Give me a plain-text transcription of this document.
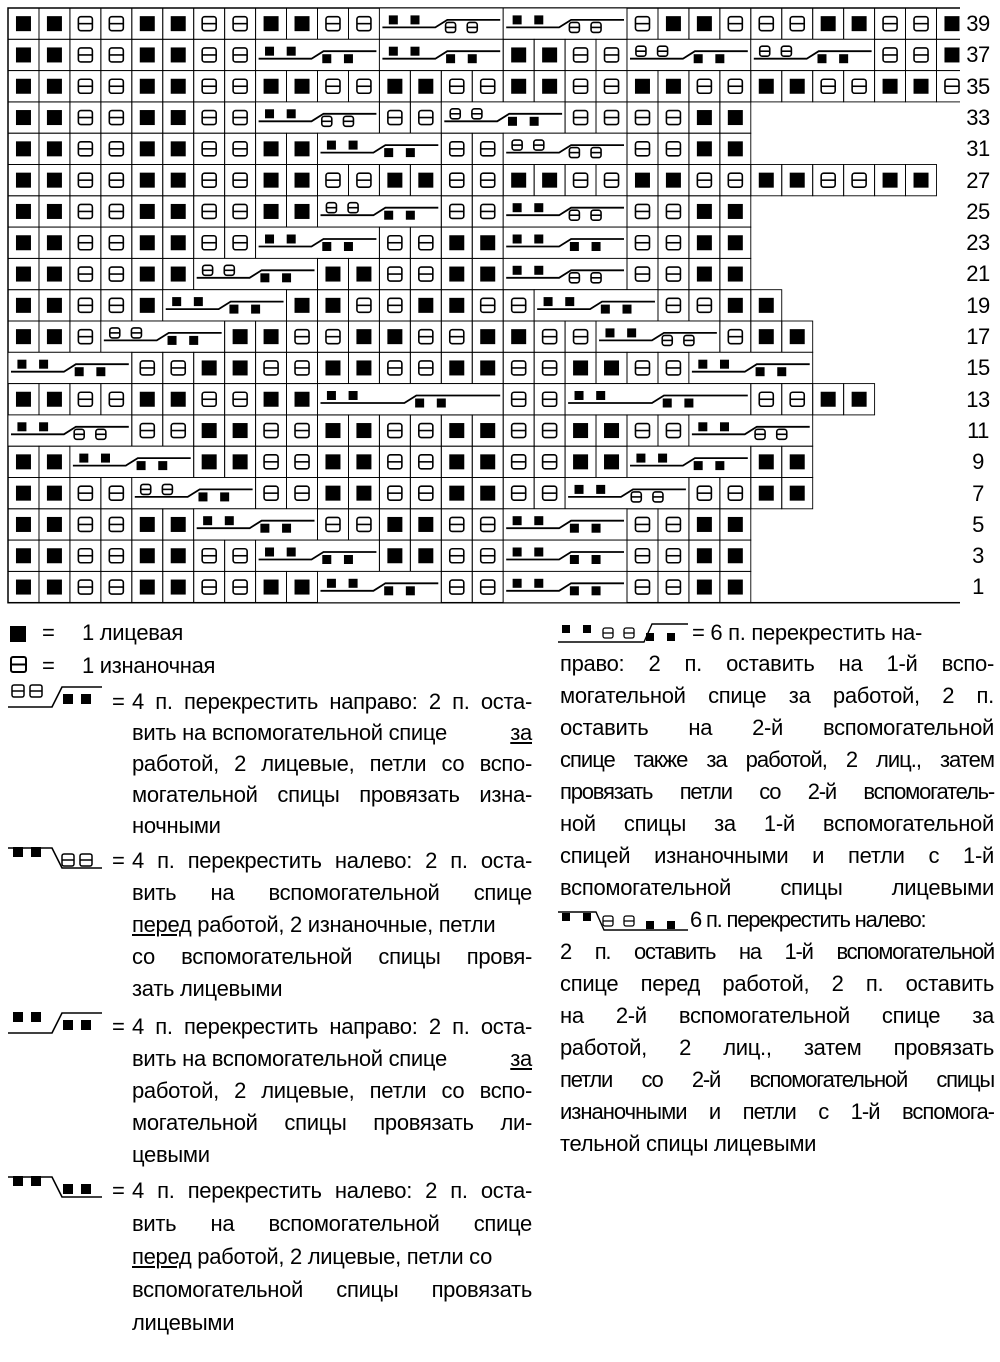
39
37
35
33
31
27
25
23
21
19
17
15
13
11
9
7
5
3
1
= 1 лицевая
= 1 изнаночная
= 4 п. перекрестить направо: 2 п. оста-
вить на вспомогательной спице	за
работой, 2 лицевые, петли со вспо-
могательной спицы провязать изна-
ночными
= 4 п. перекрестить налево: 2 п. оста-
вить на вспомогательной спице
перед работой, 2 изнаночные, петли
со вспомогательной спицы провя-
зать лицевыми
= 4 п. перекрестить направо: 2 п. оста-
вить на вспомогательной спице	за
работой, 2 лицевые, петли со вспо-
могательной спицы провязать ли-
цевыми
= 4 п. перекрестить налево: 2 п. оста-
вить на вспомогательной спице
перед работой, 2 лицевые, петли со
вспомогательной спицы провязать
лицевыми
= 6 п. перекрестить на-
право: 2 п. оставить на 1-й вспо-
могательной спице за работой, 2 п.
оставить на 2-й вспомогательной
спице также за работой, 2 лиц., затем
провязать петли со 2-й вспомогатель-
ной спицы за 1-й вспомогательной
спицей изнаночными и петли с 1-й
вспомогательной спицы лицевыми
6 п. перекрестить налево:
2 п. оставить на 1-й вспомогательной
спице перед работой, 2 п. оставить
на 2-й вспомогательной спице за
работой, 2 лиц., затем провязать
петли со 2-й вспомогательной спицы
изнаночными и петли с 1-й вспомога-
тельной спицы лицевыми
